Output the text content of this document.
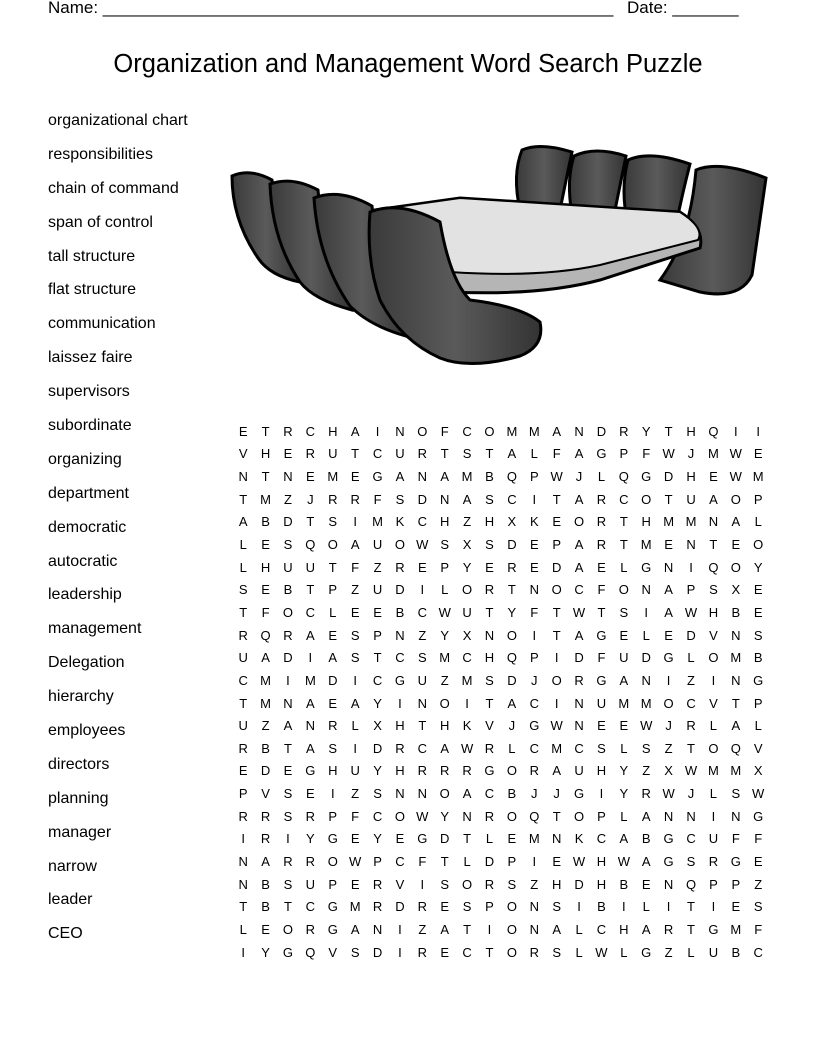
Name: ______________________________________________________ Date: _______
Organization and Management Word Search Puzzle
organizational chart
responsibilities
chain of command
span of control
tall structure
flat structure
communication
laissez faire
supervisors
subordinate
organizing
department
democratic
autocratic
leadership
management
Delegation
hierarchy
employees
directors
planning
manager
narrow
leader
CEO
E	T	R	C	H	A	I	N O	F	C O M M A	N	D	R	Y	T	H Q	I	I
V	H	E	R	U	T	C	U	R	T	S	T	A	L	F	A G	P	F W	J	M W E
N	T	N	E M E G	A	N	A M B Q	P W	J	L	Q G D	H	E W M
T M	Z	J	R	R	F	S	D	N	A	S	C	I	T	A	R	C O	T	U	A O	P
A	B	D	T	S	I	M K	C	H	Z	H	X	K	E O R	T	H M M N	A	L
L	E	S Q O	A	U O W S	X	S	D	E	P	A	R	T M E	N	T	E O
L	H	U	U	T	F	Z	R	E	P	Y	E	R	E	D	A	E	L	G N	I	Q O	Y
S	E	B	T	P	Z	U	D	I	L	O R	T	N O C	F	O N	A	P	S	X	E
T	F	O C	L	E	E	B	C W U	T	Y	F	T W T	S	I	A W H	B	E
R Q R	A	E	S	P	N	Z	Y	X	N O	I	T	A G	E	L	E	D	V	N	S
U	A	D	I	A	S	T	C	S M C	H Q	P	I	D	F	U	D G	L	O M B
C M	I	M D	I	C G U	Z M S	D	J	O R G	A	N	I	Z	I	N G
T M N	A	E	A	Y	I	N O	I	T	A	C	I	N	U M M O C	V	T	P
U	Z	A	N	R	L	X	H	T	H	K	V	J	G W N	E	E W	J	R	L	A	L
R	B	T	A	S	I	D	R	C	A W R	L	C M C	S	L	S	Z	T	O Q	V
E	D	E G H	U	Y	H	R	R	R G O R	A	U	H	Y	Z	X W M M X
P	V	S	E	I	Z	S	N	N O	A	C	B	J	J	G	I	Y	R W	J	L	S W
R	R	S	R	P	F	C O W Y	N	R O Q	T	O	P	L	A	N	N	I	N G
I	R	I	Y G	E	Y	E G D	T	L	E M N	K	C	A	B G C	U	F	F
N	A	R	R O W P	C	F	T	L	D	P	I	E W H W A G	S	R G	E
N	B	S	U	P	E	R	V	I	S O R	S	Z	H	D	H	B	E	N Q	P	P	Z
T	B	T	C G M R	D	R	E	S	P O N	S	I	B	I	L	I	T	I	E	S
L	E O R G	A	N	I	Z	A	T	I	O N	A	L	C	H	A	R	T	G M	F
I	Y G Q	V	S	D	I	R	E	C	T	O R	S	L W L	G	Z	L	U	B	C
